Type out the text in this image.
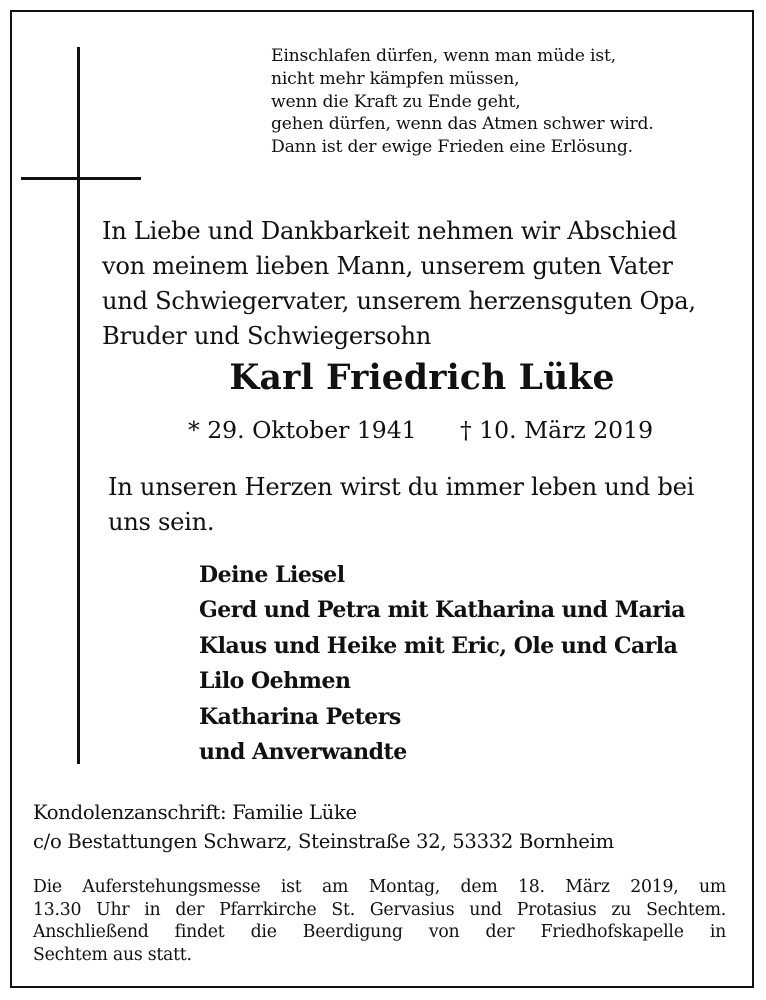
Einschlafen dürfen, wenn man müde ist,
nicht mehr kämpfen müssen,
wenn die Kraft zu Ende geht,
gehen dürfen, wenn das Atmen schwer wird.
Dann ist der ewige Frieden eine Erlösung.
In Liebe und Dankbarkeit nehmen wir Abschied
von meinem lieben Mann, unserem guten Vater
und Schwiegervater, unserem herzensguten Opa,
Bruder und Schwiegersohn
Karl Friedrich Lüke
* 29. Oktober 1941 † 10. März 2019
In unseren Herzen wirst du immer leben und bei
uns sein.
Deine Liesel
Gerd und Petra mit Katharina und Maria
Klaus und Heike mit Eric, Ole und Carla
Lilo Oehmen
Katharina Peters
und Anverwandte
Kondolenzanschrift: Familie Lüke
c/o Bestattungen Schwarz, Steinstraße 32, 53332 Bornheim
Die Auferstehungsmesse ist am Montag, dem 18. März 2019, um
13.30 Uhr in der Pfarrkirche St. Gervasius und Protasius zu Sechtem.
Anschließend findet die Beerdigung von der Friedhofskapelle in
Sechtem aus statt.
